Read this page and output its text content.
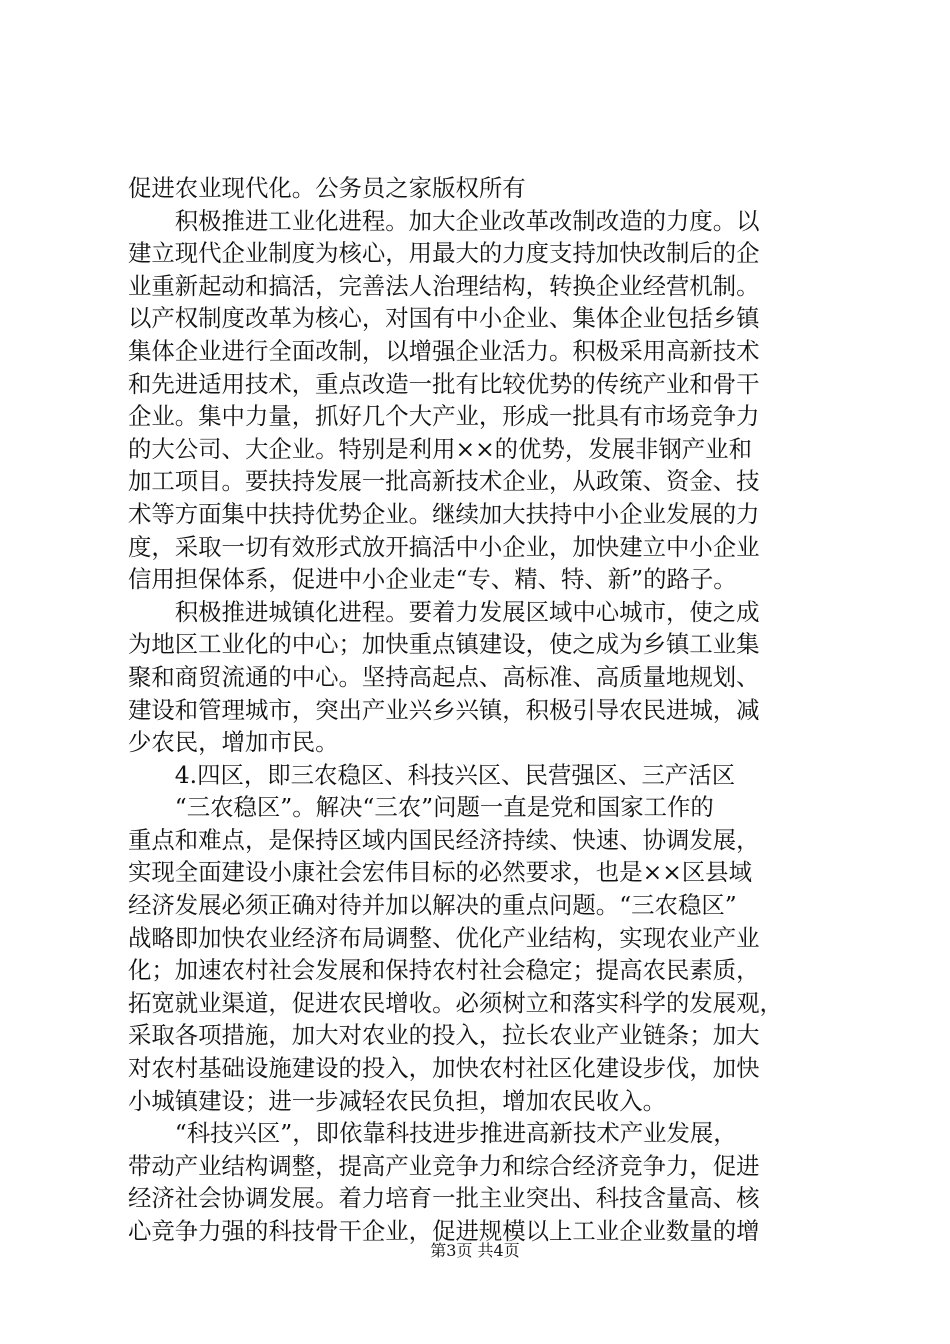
促进农业现代化。公务员之家版权所有
　　积极推进工业化进程。加大企业改革改制改造的力度。以
建立现代企业制度为核心，用最大的力度支持加快改制后的企
业重新起动和搞活，完善法人治理结构，转换企业经营机制。
以产权制度改革为核心，对国有中小企业、集体企业包括乡镇
集体企业进行全面改制，以增强企业活力。积极采用高新技术
和先进适用技术，重点改造一批有比较优势的传统产业和骨干
企业。集中力量，抓好几个大产业，形成一批具有市场竞争力
的大公司、大企业。特别是利用××的优势，发展非钢产业和
加工项目。要扶持发展一批高新技术企业，从政策、资金、技
术等方面集中扶持优势企业。继续加大扶持中小企业发展的力
度，采取一切有效形式放开搞活中小企业，加快建立中小企业
信用担保体系，促进中小企业走“专、精、特、新”的路子。
　　积极推进城镇化进程。要着力发展区域中心城市，使之成
为地区工业化的中心；加快重点镇建设，使之成为乡镇工业集
聚和商贸流通的中心。坚持高起点、高标准、高质量地规划、
建设和管理城市，突出产业兴乡兴镇，积极引导农民进城，减
少农民，增加市民。
　　4.四区，即三农稳区、科技兴区、民营强区、三产活区
　　“三农稳区”。解决“三农”问题一直是党和国家工作的
重点和难点，是保持区域内国民经济持续、快速、协调发展，
实现全面建设小康社会宏伟目标的必然要求，也是××区县域
经济发展必须正确对待并加以解决的重点问题。“三农稳区”
战略即加快农业经济布局调整、优化产业结构，实现农业产业
化；加速农村社会发展和保持农村社会稳定；提高农民素质，
拓宽就业渠道，促进农民增收。必须树立和落实科学的发展观，
采取各项措施，加大对农业的投入，拉长农业产业链条；加大
对农村基础设施建设的投入，加快农村社区化建设步伐，加快
小城镇建设；进一步减轻农民负担，增加农民收入。
　　“科技兴区”，即依靠科技进步推进高新技术产业发展，
带动产业结构调整，提高产业竞争力和综合经济竞争力，促进
经济社会协调发展。着力培育一批主业突出、科技含量高、核
心竞争力强的科技骨干企业，促进规模以上工业企业数量的增
第3页 共4页
